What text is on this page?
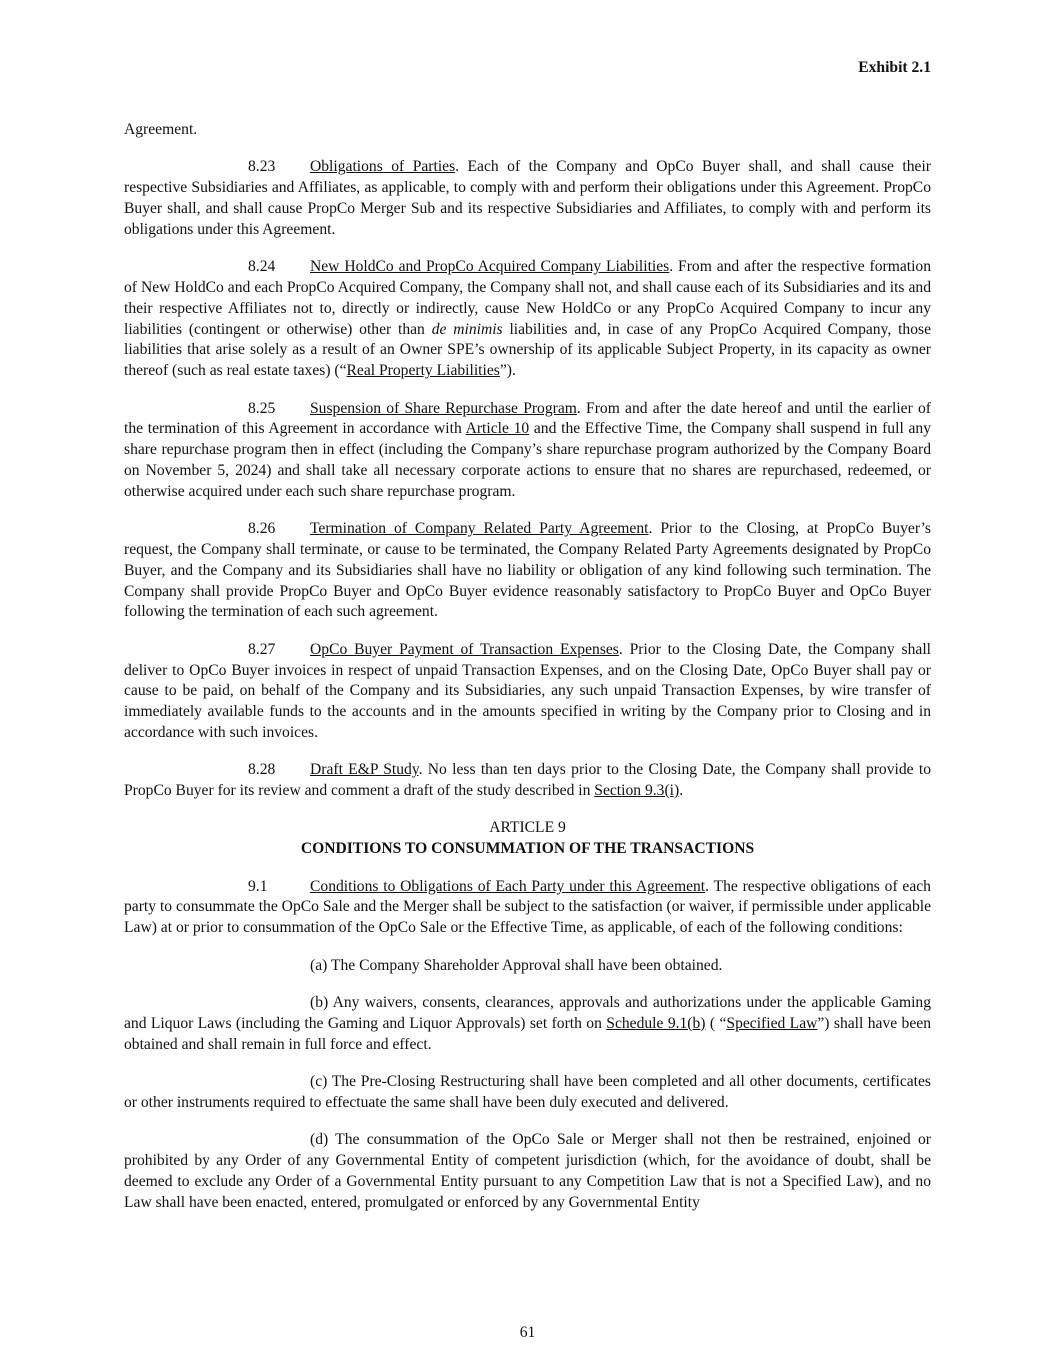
Exhibit 2.1

Agreement.

8.23 Obligations of Parties. Each of the Company and OpCo Buyer shall, and shall cause their respective Subsidiaries and Affiliates, as applicable, to comply with and perform their obligations under this Agreement. PropCo Buyer shall, and shall cause PropCo Merger Sub and its respective Subsidiaries and Affiliates, to comply with and perform its obligations under this Agreement.

8.24 New HoldCo and PropCo Acquired Company Liabilities. From and after the respective formation of New HoldCo and each PropCo Acquired Company, the Company shall not, and shall cause each of its Subsidiaries and its and their respective Affiliates not to, directly or indirectly, cause New HoldCo or any PropCo Acquired Company to incur any liabilities (contingent or otherwise) other than de minimis liabilities and, in case of any PropCo Acquired Company, those liabilities that arise solely as a result of an Owner SPE’s ownership of its applicable Subject Property, in its capacity as owner thereof (such as real estate taxes) (“Real Property Liabilities”).

8.25 Suspension of Share Repurchase Program. From and after the date hereof and until the earlier of the termination of this Agreement in accordance with Article 10 and the Effective Time, the Company shall suspend in full any share repurchase program then in effect (including the Company’s share repurchase program authorized by the Company Board on November 5, 2024) and shall take all necessary corporate actions to ensure that no shares are repurchased, redeemed, or otherwise acquired under each such share repurchase program.

8.26 Termination of Company Related Party Agreement. Prior to the Closing, at PropCo Buyer’s request, the Company shall terminate, or cause to be terminated, the Company Related Party Agreements designated by PropCo Buyer, and the Company and its Subsidiaries shall have no liability or obligation of any kind following such termination. The Company shall provide PropCo Buyer and OpCo Buyer evidence reasonably satisfactory to PropCo Buyer and OpCo Buyer following the termination of each such agreement.

8.27 OpCo Buyer Payment of Transaction Expenses. Prior to the Closing Date, the Company shall deliver to OpCo Buyer invoices in respect of unpaid Transaction Expenses, and on the Closing Date, OpCo Buyer shall pay or cause to be paid, on behalf of the Company and its Subsidiaries, any such unpaid Transaction Expenses, by wire transfer of immediately available funds to the accounts and in the amounts specified in writing by the Company prior to Closing and in accordance with such invoices.

8.28 Draft E&P Study. No less than ten days prior to the Closing Date, the Company shall provide to PropCo Buyer for its review and comment a draft of the study described in Section 9.3(i).

ARTICLE 9
CONDITIONS TO CONSUMMATION OF THE TRANSACTIONS

9.1	Conditions to Obligations of Each Party under this Agreement. The respective obligations of each party to consummate the OpCo Sale and the Merger shall be subject to the satisfaction (or waiver, if permissible under applicable Law) at or prior to consummation of the OpCo Sale or the Effective Time, as applicable, of each of the following conditions:

(a) The Company Shareholder Approval shall have been obtained.

(b) Any waivers, consents, clearances, approvals and authorizations under the applicable Gaming and Liquor Laws (including the Gaming and Liquor Approvals) set forth on Schedule 9.1(b) ( “Specified Law”) shall have been obtained and shall remain in full force and effect.

(c) The Pre-Closing Restructuring shall have been completed and all other documents, certificates or other instruments required to effectuate the same shall have been duly executed and delivered.

(d) The consummation of the OpCo Sale or Merger shall not then be restrained, enjoined or prohibited by any Order of any Governmental Entity of competent jurisdiction (which, for the avoidance of doubt, shall be deemed to exclude any Order of a Governmental Entity pursuant to any Competition Law that is not a Specified Law), and no Law shall have been enacted, entered, promulgated or enforced by any Governmental Entity

61
